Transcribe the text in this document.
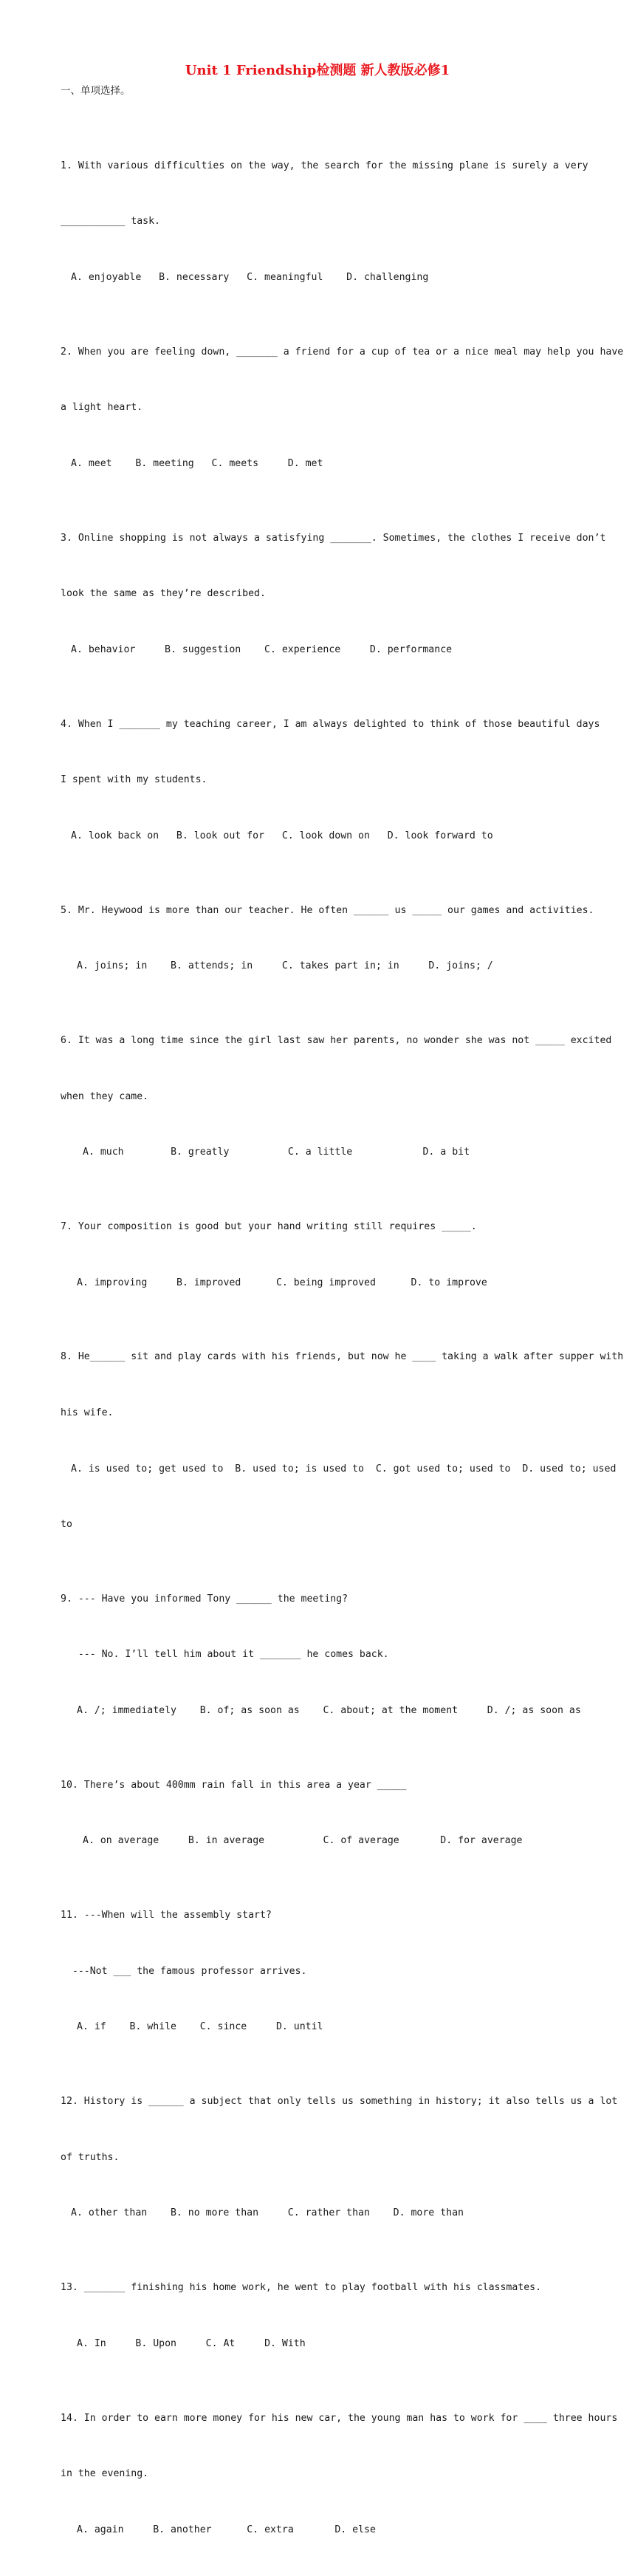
Unit 1 Friendship检测题 新人教版必修1
一、单项选择。

1. With various difficulties on the way, the search for the missing plane is surely a very

___________ task.

A. enjoyable   B. necessary   C. meaningful    D. challenging

2. When you are feeling down, _______ a friend for a cup of tea or a nice meal may help you have

a light heart.

A. meet    B. meeting   C. meets     D. met

3. Online shopping is not always a satisfying _______. Sometimes, the clothes I receive don’t

look the same as they’re described.

A. behavior     B. suggestion    C. experience     D. performance

4. When I _______ my teaching career, I am always delighted to think of those beautiful days

I spent with my students.

A. look back on   B. look out for   C. look down on   D. look forward to

5. Mr. Heywood is more than our teacher. He often ______ us _____ our games and activities.

A. joins; in    B. attends; in     C. takes part in; in     D. joins; /

6. It was a long time since the girl last saw her parents, no wonder she was not _____ excited

when they came.

A. much        B. greatly          C. a little            D. a bit

7. Your composition is good but your hand writing still requires _____.

A. improving     B. improved      C. being improved      D. to improve

8. He______ sit and play cards with his friends, but now he ____ taking a walk after supper with

his wife.

A. is used to; get used to  B. used to; is used to  C. got used to; used to  D. used to; used

to

9. --- Have you informed Tony ______ the meeting?

--- No. I’ll tell him about it _______ he comes back.

A. /; immediately    B. of; as soon as    C. about; at the moment     D. /; as soon as

10. There’s about 400mm rain fall in this area a year _____

A. on average     B. in average          C. of average       D. for average

11. ---When will the assembly start?

---Not ___ the famous professor arrives.

A. if    B. while    C. since     D. until

12. History is ______ a subject that only tells us something in history; it also tells us a lot

of truths.

A. other than    B. no more than     C. rather than    D. more than

13. _______ finishing his home work, he went to play football with his classmates.

A. In     B. Upon     C. At     D. With

14. In order to earn more money for his new car, the young man has to work for ____ three hours

in the evening.

A. again     B. another      C. extra       D. else
